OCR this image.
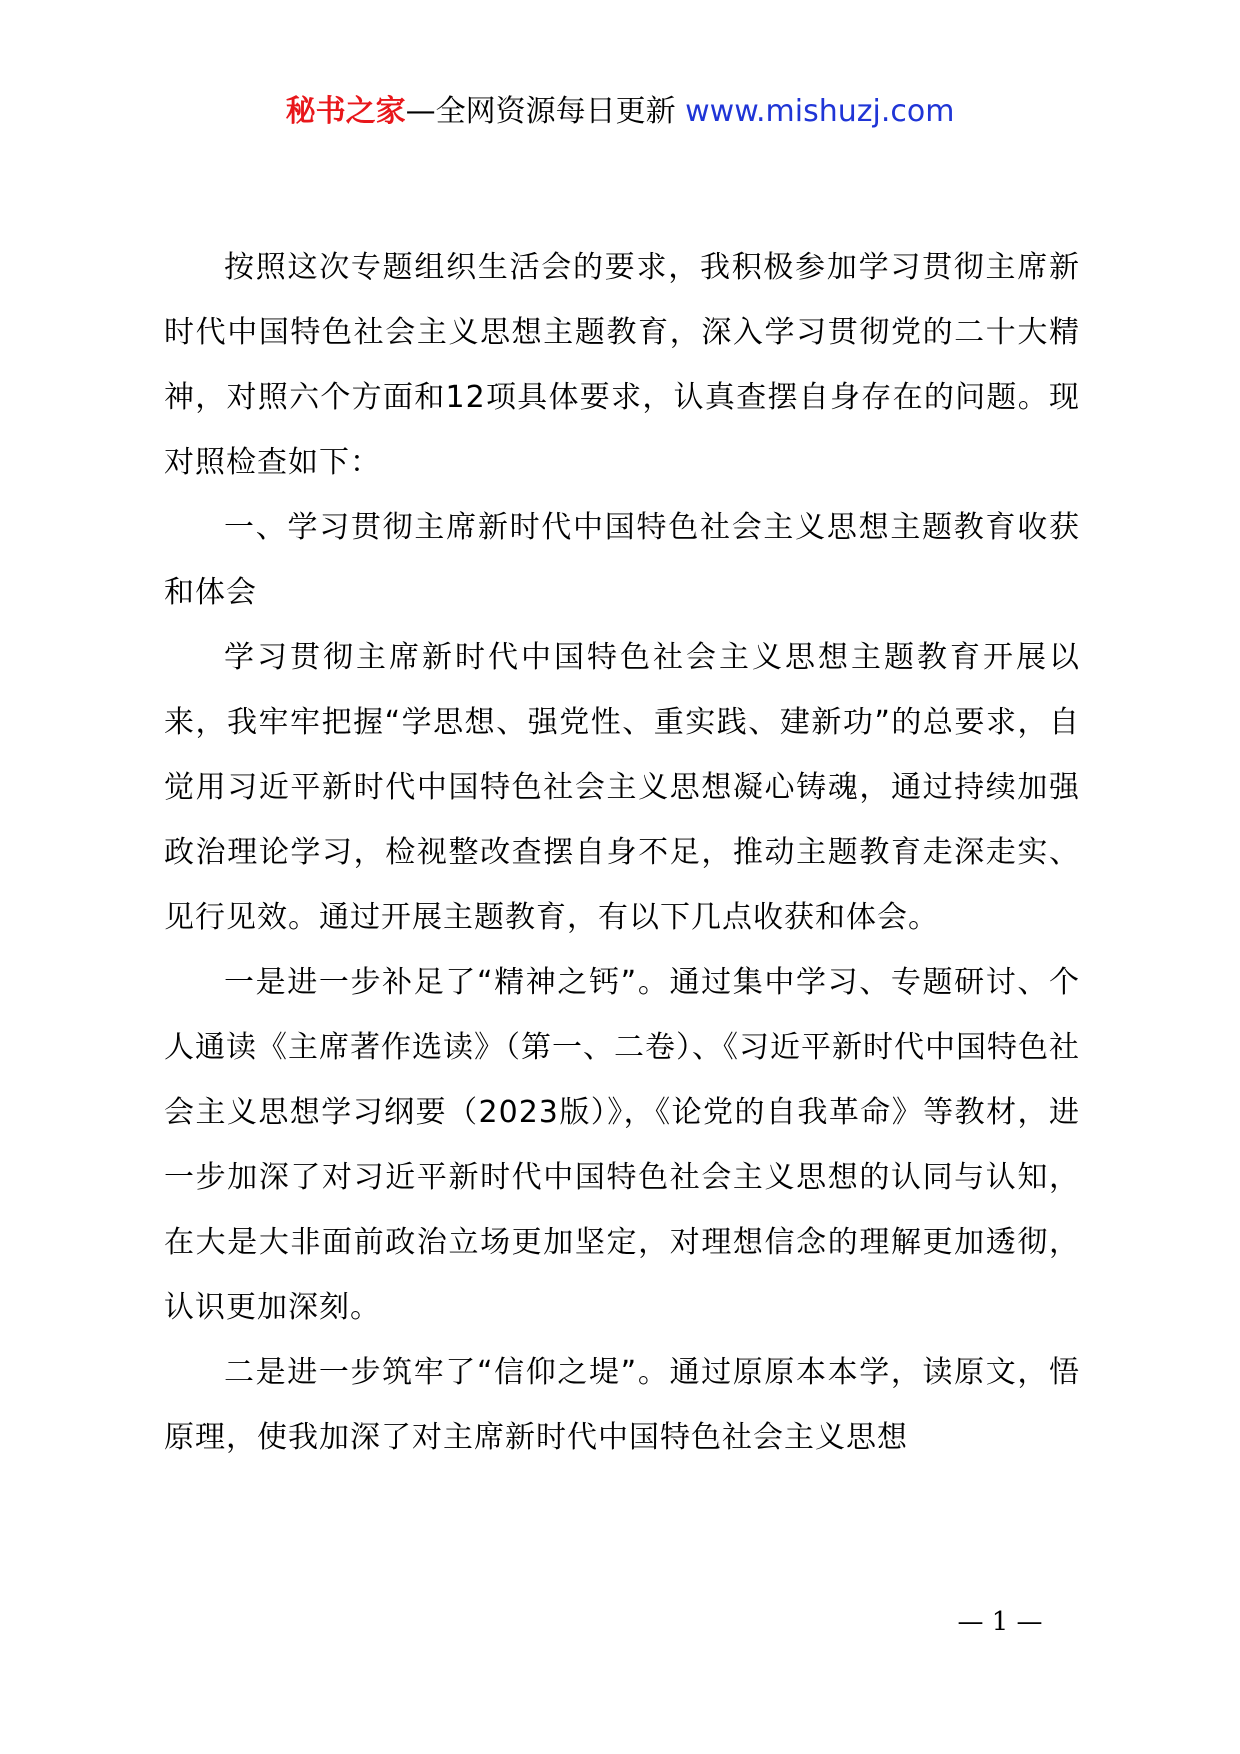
秘书之家—全网资源每日更新 www.mishuzj.com

按照这次专题组织生活会的要求，我积极参加学习贯彻主席新时代中国特色社会主义思想主题教育，深入学习贯彻党的二十大精神，对照六个方面和12项具体要求，认真查摆自身存在的问题。现对照检查如下：

一、学习贯彻主席新时代中国特色社会主义思想主题教育收获和体会

学习贯彻主席新时代中国特色社会主义思想主题教育开展以来，我牢牢把握“学思想、强党性、重实践、建新功”的总要求，自觉用习近平新时代中国特色社会主义思想凝心铸魂，通过持续加强政治理论学习，检视整改查摆自身不足，推动主题教育走深走实、见行见效。通过开展主题教育，有以下几点收获和体会。

一是进一步补足了“精神之钙”。通过集中学习、专题研讨、个人通读《主席著作选读》（第一、二卷）、《习近平新时代中国特色社会主义思想学习纲要（2023版）》，《论党的自我革命》等教材，进一步加深了对习近平新时代中国特色社会主义思想的认同与认知，在大是大非面前政治立场更加坚定，对理想信念的理解更加透彻，认识更加深刻。

二是进一步筑牢了“信仰之堤”。通过原原本本学，读原文，悟原理，使我加深了对主席新时代中国特色社会主义思想

— 1 —
